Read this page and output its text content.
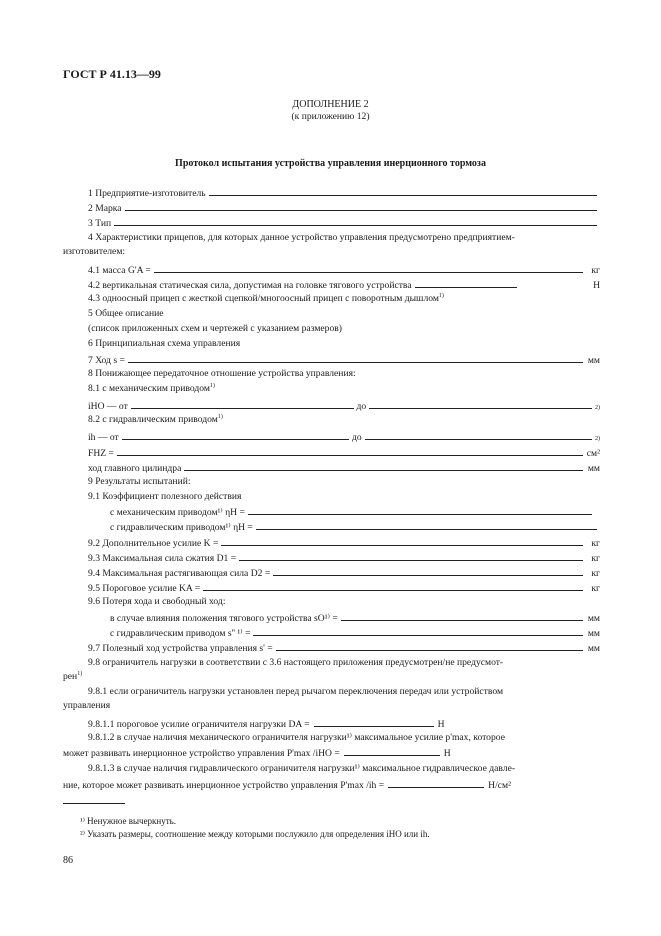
ГОСТ Р 41.13—99
ДОПОЛНЕНИЕ 2
(к приложению 12)
Протокол испытания устройства управления инерционного тормоза
1 Предприятие-изготовитель
2 Марка
3 Тип
4 Характеристики прицепов, для которых данное устройство управления предусмотрено предприятием-
изготовителем:
4.1 масса G'A =	кг
4.2 вертикальная статическая сила, допустимая на головке тягового устройства	Н
4.3 одноосный прицеп с жесткой сцепкой/многоосный прицеп с поворотным дышлом$^{1)}$
5 Общее описание
(список приложенных схем и чертежей с указанием размеров)
6 Принципиальная схема управления
7 Ход s =	мм
8 Понижающее передаточное отношение устройства управления:
8.1 с механическим приводом$^{1)}$
iHO — от	до	2)
8.2 с гидравлическим приводом$^{1)}$
ih — от	до	2)
FHZ =	см²
ход главного цилиндра	мм
9 Результаты испытаний:
9.1 Коэффициент полезного действия
с механическим приводом¹⁾ ηH =
с гидравлическим приводом¹⁾ ηH =
9.2 Дополнительное усилие K =	кг
9.3 Максимальная сила сжатия D1 =	кг
9.4 Максимальная растягивающая сила D2 =	кг
9.5 Пороговое усилие KA =	кг
9.6 Потеря хода и свободный ход:
в случае влияния положения тягового устройства sO¹⁾ =	мм
с гидравлическим приводом s'' ¹⁾ =	мм
9.7 Полезный ход устройства управления s' =	мм
9.8 ограничитель нагрузки в соответствии с 3.6 настоящего приложения предусмотрен/не предусмот-
рен$^{1)}$
9.8.1 если ограничитель нагрузки установлен перед рычагом переключения передач или устройством
управления
9.8.1.1 пороговое усилие ограничителя нагрузки DA =	Н
9.8.1.2 в случае наличия механического ограничителя нагрузки¹⁾ максимальное усилие p'max, которое
может развивать инерционное устройство управления P'max /iHO =	Н
9.8.1.3 в случае наличия гидравлического ограничителя нагрузки¹⁾ максимальное гидравлическое давле-
ние, которое может развивать инерционное устройство управления P'max /ih =	Н/см²
¹⁾ Ненужное вычеркнуть.
²⁾ Указать размеры, соотношение между которыми послужило для определения iHO или ih.
86
